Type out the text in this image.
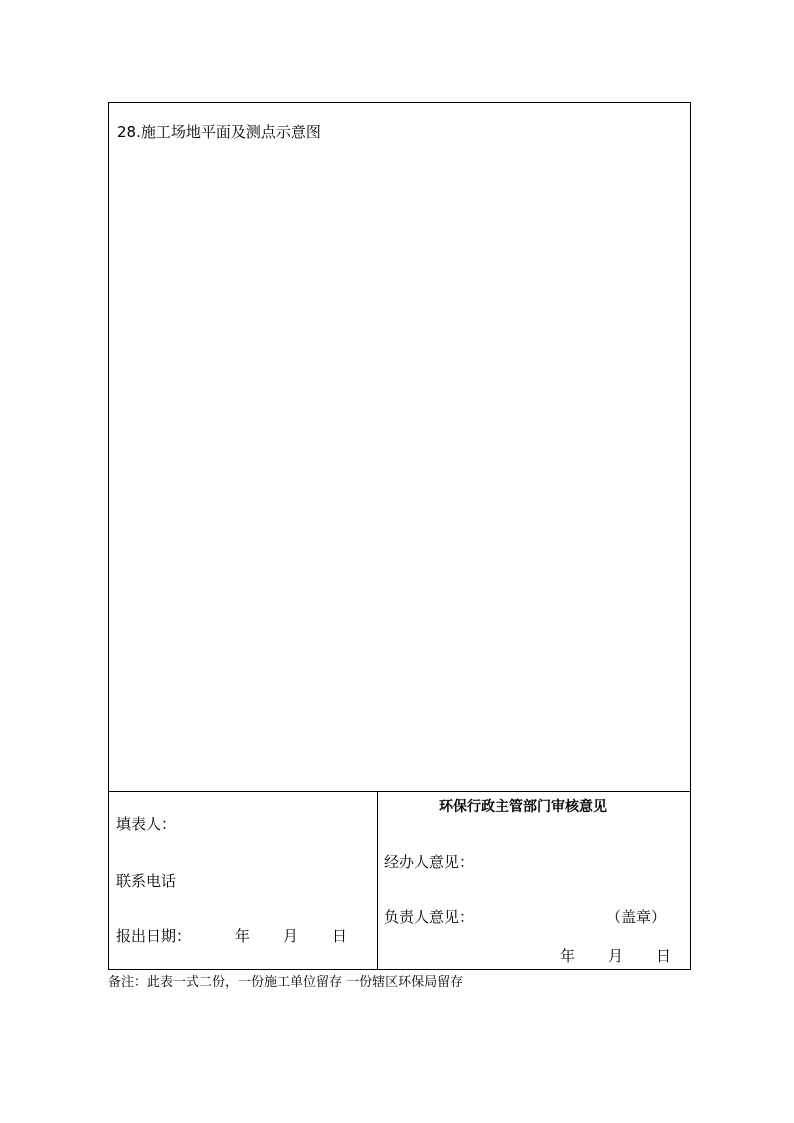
28.施工场地平面及测点示意图
填表人：
联系电话
报出日期：	年 月 日
环保行政主管部门审核意见
经办人意见：
负责人意见：	（盖章）
年 月 日
备注：此表一式二份，一份施工单位留存 一份辖区环保局留存
